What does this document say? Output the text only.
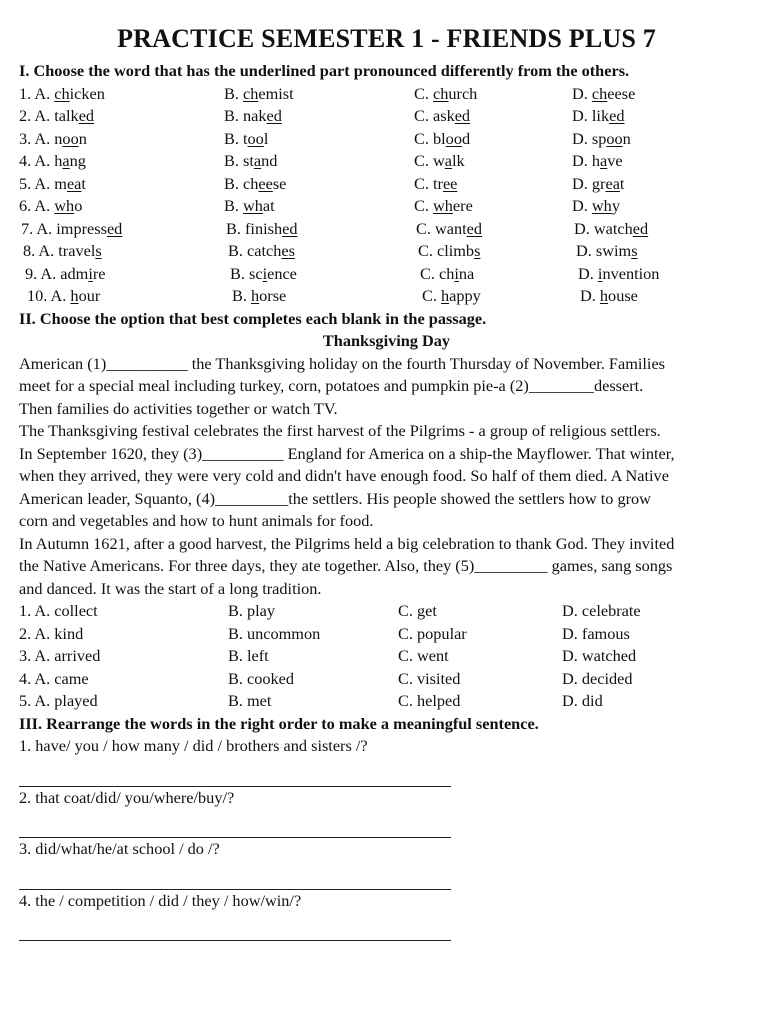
PRACTICE SEMESTER 1 - FRIENDS PLUS 7
I. Choose the word that has the underlined part pronounced differently from the others.
1. A. chicken	B. chemist	C. church	D. cheese
2. A. talked	B. naked	C. asked	D. liked
3. A. noon	B. tool	C. blood	D. spoon
4. A. hang	B. stand	C. walk	D. have
5. A. meat	B. cheese	C. tree	D. great
6. A. who	B. what	C. where	D. why
7. A. impressed	B. finished	C. wanted	D. watched
8. A. travels	B. catches	C. climbs	D. swims
9. A. admire	B. science	C. china	D. invention
10. A. hour	B. horse	C. happy	D. house
II. Choose the option that best completes each blank in the passage.
Thanksgiving Day
American (1)__________ the Thanksgiving holiday on the fourth Thursday of November. Families
meet for a special meal including turkey, corn, potatoes and pumpkin pie-a (2)________dessert.
Then families do activities together or watch TV.
The Thanksgiving festival celebrates the first harvest of the Pilgrims - a group of religious settlers.
In September 1620, they (3)__________ England for America on a ship-the Mayflower. That winter,
when they arrived, they were very cold and didn't have enough food. So half of them died. A Native
American leader, Squanto, (4)_________the settlers. His people showed the settlers how to grow
corn and vegetables and how to hunt animals for food.
In Autumn 1621, after a good harvest, the Pilgrims held a big celebration to thank God. They invited
the Native Americans. For three days, they ate together. Also, they (5)_________ games, sang songs
and danced. It was the start of a long tradition.
1. A. collect	B. play	C. get	D. celebrate
2. A. kind	B. uncommon	C. popular	D. famous
3. A. arrived	B. left	C. went	D. watched
4. A. came	B. cooked	C. visited	D. decided
5. A. played	B. met	C. helped	D. did
III. Rearrange the words in the right order to make a meaningful sentence.
1. have/ you / how many / did / brothers and sisters /?
2. that coat/did/ you/where/buy/?
3. did/what/he/at school / do /?
4. the / competition / did / they / how/win/?
